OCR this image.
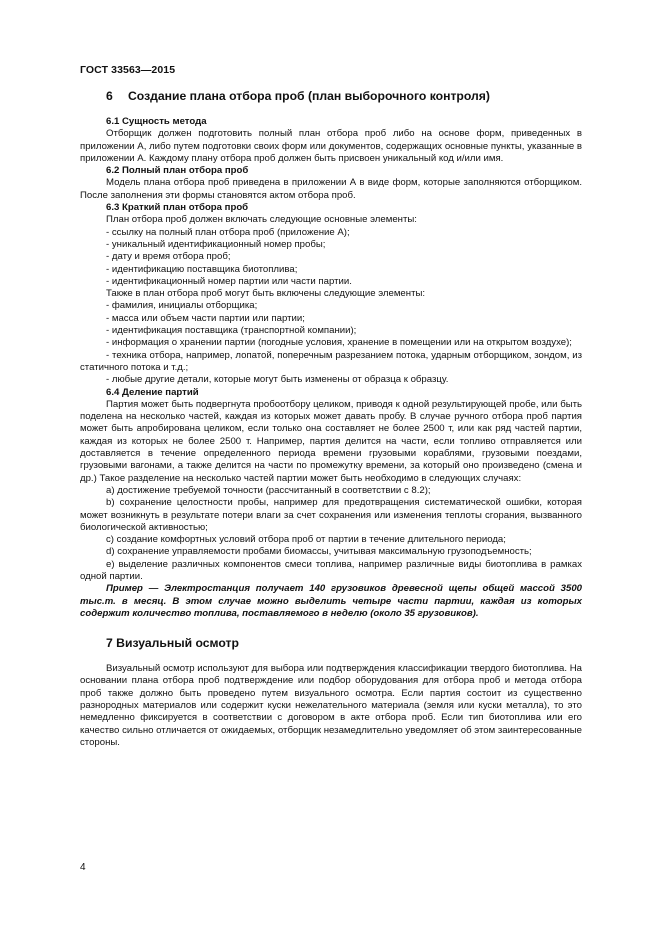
ГОСТ 33563—2015
6 Создание плана отбора проб (план выборочного контроля)
6.1 Сущность метода

Отборщик должен подготовить полный план отбора проб либо на основе форм, приведенных в приложении А, либо путем подготовки своих форм или документов, содержащих основные пункты, указанные в приложении А. Каждому плану отбора проб должен быть присвоен уникальный код и/или имя.

6.2 Полный план отбора проб

Модель плана отбора проб приведена в приложении А в виде форм, которые заполняются отборщиком. После заполнения эти формы становятся актом отбора проб.

6.3 Краткий план отбора проб

План отбора проб должен включать следующие основные элементы:

- ссылку на полный план отбора проб (приложение А);

- уникальный идентификационный номер пробы;

- дату и время отбора проб;

- идентификацию поставщика биотоплива;

- идентификационный номер партии или части партии.

Также в план отбора проб могут быть включены следующие элементы:

- фамилия, инициалы отборщика;

- масса или объем части партии или партии;

- идентификация поставщика (транспортной компании);

- информация о хранении партии (погодные условия, хранение в помещении или на открытом воздухе);

- техника отбора, например, лопатой, поперечным разрезанием потока, ударным отборщиком, зондом, из статичного потока и т.д.;

- любые другие детали, которые могут быть изменены от образца к образцу.

6.4 Деление партий

Партия может быть подвергнута пробоотбору целиком, приводя к одной результирующей пробе, или быть поделена на несколько частей, каждая из которых может давать пробу. В случае ручного отбора проб партия может быть апробирована целиком, если только она составляет не более 2500 т, или как ряд частей партии, каждая из которых не более 2500 т. Например, партия делится на части, если топливо отправляется или доставляется в течение определенного периода времени грузовыми кораблями, грузовыми поездами, грузовыми вагонами, а также делится на части по промежутку времени, за который оно произведено (смена и др.) Такое разделение на несколько частей партии может быть необходимо в следующих случаях:

a) достижение требуемой точности (рассчитанный в соответствии с 8.2);

b) сохранение целостности пробы, например для предотвращения систематической ошибки, которая может возникнуть в результате потери влаги за счет сохранения или изменения теплоты сгорания, вызванного биологической активностью;

c) создание комфортных условий отбора проб от партии в течение длительного периода;

d) сохранение управляемости пробами биомассы, учитывая максимальную грузоподъемность;

e) выделение различных компонентов смеси топлива, например различные виды биотоплива в рамках одной партии.

Пример — Электростанция получает 140 грузовиков древесной щепы общей массой 3500 тыс.т. в месяц. В этом случае можно выделить четыре части партии, каждая из которых содержит количество топлива, поставляемого в неделю (около 35 грузовиков).

7 Визуальный осмотр

Визуальный осмотр используют для выбора или подтверждения классификации твердого биотоплива. На основании плана отбора проб подтверждение или подбор оборудования для отбора проб и метода отбора проб также должно быть проведено путем визуального осмотра. Если партия состоит из существенно разнородных материалов или содержит куски нежелательного материала (земля или куски металла), то это немедленно фиксируется в соответствии с договором в акте отбора проб. Если тип биотоплива или его качество сильно отличается от ожидаемых, отборщик незамедлительно уведомляет об этом заинтересованные стороны.

4
